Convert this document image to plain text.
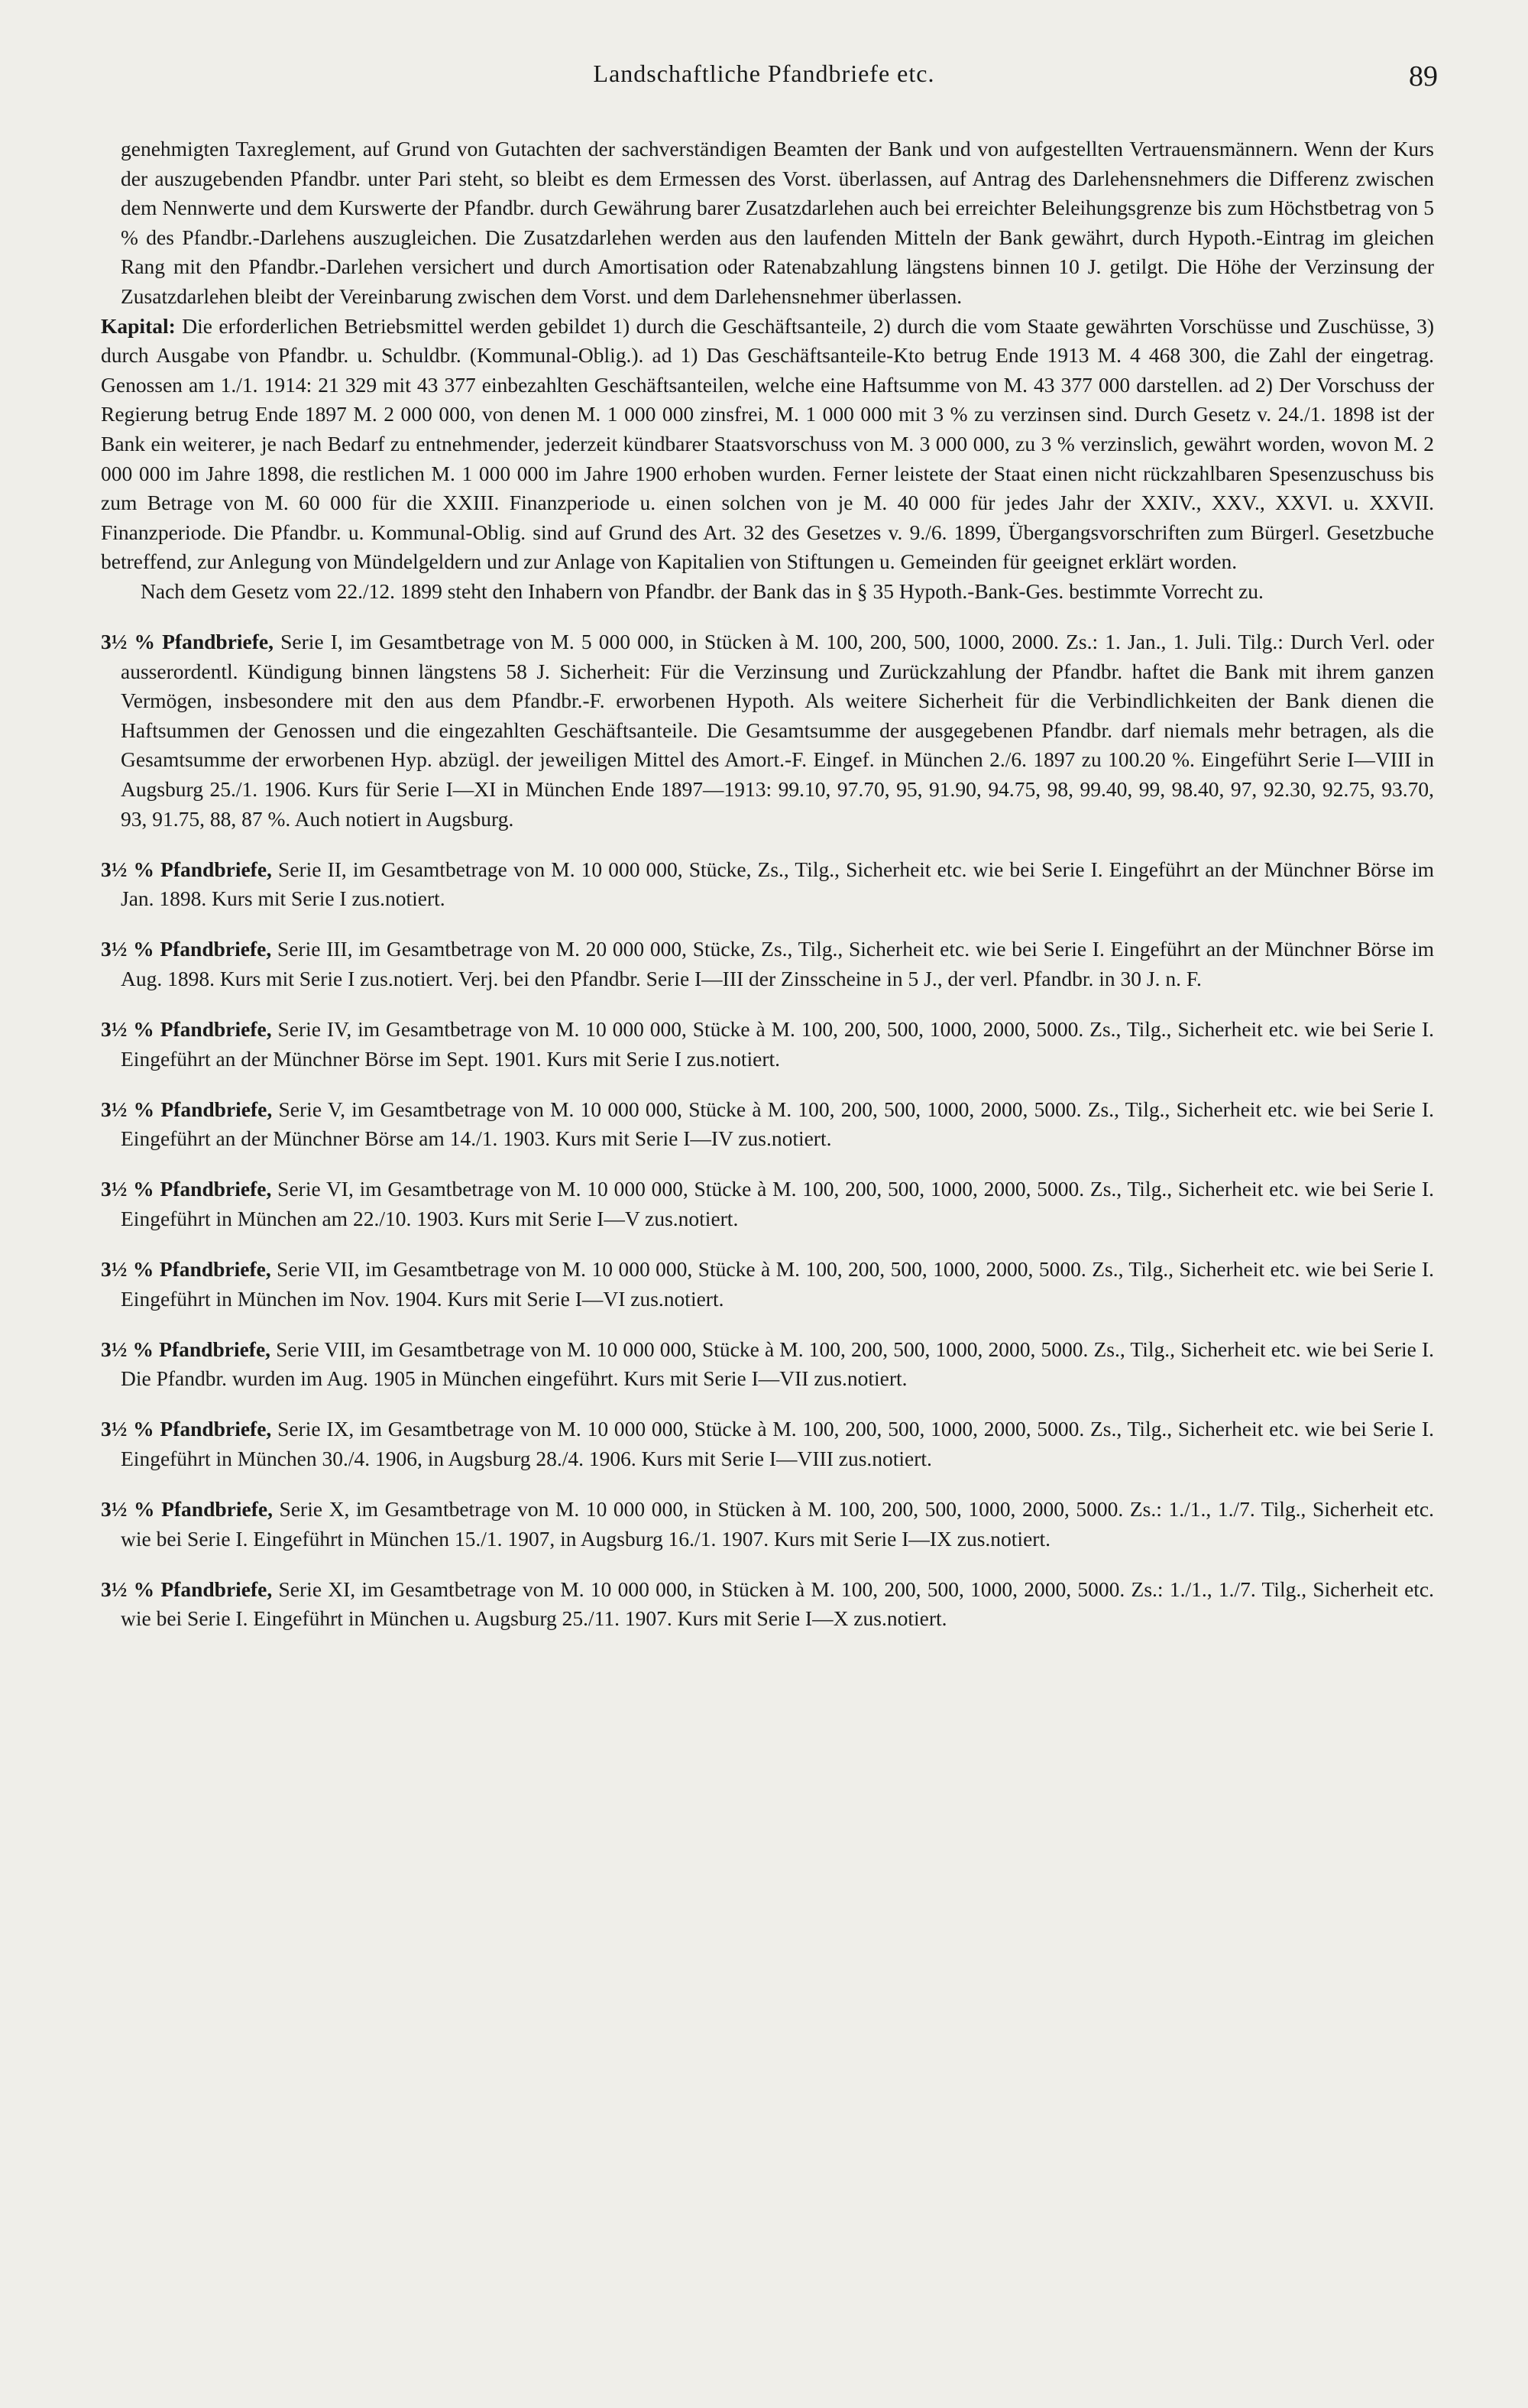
Landschaftliche Pfandbriefe etc.	89

genehmigten Taxreglement, auf Grund von Gutachten der sachverständigen Beamten der Bank und von aufgestellten Vertrauensmännern. Wenn der Kurs der auszugebenden Pfandbr. unter Pari steht, so bleibt es dem Ermessen des Vorst. überlassen, auf Antrag des Darlehensnehmers die Differenz zwischen dem Nennwerte und dem Kurswerte der Pfandbr. durch Gewährung barer Zusatzdarlehen auch bei erreichter Beleihungsgrenze bis zum Höchstbetrag von 5 % des Pfandbr.-Darlehens auszugleichen. Die Zusatzdarlehen werden aus den laufenden Mitteln der Bank gewährt, durch Hypoth.-Eintrag im gleichen Rang mit den Pfandbr.-Darlehen versichert und durch Amortisation oder Ratenabzahlung längstens binnen 10 J. getilgt. Die Höhe der Verzinsung der Zusatzdarlehen bleibt der Vereinbarung zwischen dem Vorst. und dem Darlehensnehmer überlassen.

Kapital: Die erforderlichen Betriebsmittel werden gebildet 1) durch die Geschäftsanteile, 2) durch die vom Staate gewährten Vorschüsse und Zuschüsse, 3) durch Ausgabe von Pfandbr. u. Schuldbr. (Kommunal-Oblig.). ad 1) Das Geschäftsanteile-Kto betrug Ende 1913 M. 4 468 300, die Zahl der eingetrag. Genossen am 1./1. 1914: 21 329 mit 43 377 einbezahlten Geschäftsanteilen, welche eine Haftsumme von M. 43 377 000 darstellen. ad 2) Der Vorschuss der Regierung betrug Ende 1897 M. 2 000 000, von denen M. 1 000 000 zinsfrei, M. 1 000 000 mit 3 % zu verzinsen sind. Durch Gesetz v. 24./1. 1898 ist der Bank ein weiterer, je nach Bedarf zu entnehmender, jederzeit kündbarer Staatsvorschuss von M. 3 000 000, zu 3 % verzinslich, gewährt worden, wovon M. 2 000 000 im Jahre 1898, die restlichen M. 1 000 000 im Jahre 1900 erhoben wurden. Ferner leistete der Staat einen nicht rückzahlbaren Spesenzuschuss bis zum Betrage von M. 60 000 für die XXIII. Finanzperiode u. einen solchen von je M. 40 000 für jedes Jahr der XXIV., XXV., XXVI. u. XXVII. Finanzperiode. Die Pfandbr. u. Kommunal-Oblig. sind auf Grund des Art. 32 des Gesetzes v. 9./6. 1899, Übergangsvorschriften zum Bürgerl. Gesetzbuche betreffend, zur Anlegung von Mündelgeldern und zur Anlage von Kapitalien von Stiftungen u. Gemeinden für geeignet erklärt worden.

Nach dem Gesetz vom 22./12. 1899 steht den Inhabern von Pfandbr. der Bank das in § 35 Hypoth.-Bank-Ges. bestimmte Vorrecht zu.

3½ % Pfandbriefe, Serie I, im Gesamtbetrage von M. 5 000 000, in Stücken à M. 100, 200, 500, 1000, 2000. Zs.: 1. Jan., 1. Juli. Tilg.: Durch Verl. oder ausserordentl. Kündigung binnen längstens 58 J. Sicherheit: Für die Verzinsung und Zurückzahlung der Pfandbr. haftet die Bank mit ihrem ganzen Vermögen, insbesondere mit den aus dem Pfandbr.-F. erworbenen Hypoth. Als weitere Sicherheit für die Verbindlichkeiten der Bank dienen die Haftsummen der Genossen und die eingezahlten Geschäftsanteile. Die Gesamtsumme der ausgegebenen Pfandbr. darf niemals mehr betragen, als die Gesamtsumme der erworbenen Hyp. abzügl. der jeweiligen Mittel des Amort.-F. Eingef. in München 2./6. 1897 zu 100.20 %. Eingeführt Serie I—VIII in Augsburg 25./1. 1906. Kurs für Serie I—XI in München Ende 1897—1913: 99.10, 97.70, 95, 91.90, 94.75, 98, 99.40, 99, 98.40, 97, 92.30, 92.75, 93.70, 93, 91.75, 88, 87 %. Auch notiert in Augsburg.

3½ % Pfandbriefe, Serie II, im Gesamtbetrage von M. 10 000 000, Stücke, Zs., Tilg., Sicherheit etc. wie bei Serie I. Eingeführt an der Münchner Börse im Jan. 1898. Kurs mit Serie I zus.notiert.

3½ % Pfandbriefe, Serie III, im Gesamtbetrage von M. 20 000 000, Stücke, Zs., Tilg., Sicherheit etc. wie bei Serie I. Eingeführt an der Münchner Börse im Aug. 1898. Kurs mit Serie I zus.notiert. Verj. bei den Pfandbr. Serie I—III der Zinsscheine in 5 J., der verl. Pfandbr. in 30 J. n. F.

3½ % Pfandbriefe, Serie IV, im Gesamtbetrage von M. 10 000 000, Stücke à M. 100, 200, 500, 1000, 2000, 5000. Zs., Tilg., Sicherheit etc. wie bei Serie I. Eingeführt an der Münchner Börse im Sept. 1901. Kurs mit Serie I zus.notiert.

3½ % Pfandbriefe, Serie V, im Gesamtbetrage von M. 10 000 000, Stücke à M. 100, 200, 500, 1000, 2000, 5000. Zs., Tilg., Sicherheit etc. wie bei Serie I. Eingeführt an der Münchner Börse am 14./1. 1903. Kurs mit Serie I—IV zus.notiert.

3½ % Pfandbriefe, Serie VI, im Gesamtbetrage von M. 10 000 000, Stücke à M. 100, 200, 500, 1000, 2000, 5000. Zs., Tilg., Sicherheit etc. wie bei Serie I. Eingeführt in München am 22./10. 1903. Kurs mit Serie I—V zus.notiert.

3½ % Pfandbriefe, Serie VII, im Gesamtbetrage von M. 10 000 000, Stücke à M. 100, 200, 500, 1000, 2000, 5000. Zs., Tilg., Sicherheit etc. wie bei Serie I. Eingeführt in München im Nov. 1904. Kurs mit Serie I—VI zus.notiert.

3½ % Pfandbriefe, Serie VIII, im Gesamtbetrage von M. 10 000 000, Stücke à M. 100, 200, 500, 1000, 2000, 5000. Zs., Tilg., Sicherheit etc. wie bei Serie I. Die Pfandbr. wurden im Aug. 1905 in München eingeführt. Kurs mit Serie I—VII zus.notiert.

3½ % Pfandbriefe, Serie IX, im Gesamtbetrage von M. 10 000 000, Stücke à M. 100, 200, 500, 1000, 2000, 5000. Zs., Tilg., Sicherheit etc. wie bei Serie I. Eingeführt in München 30./4. 1906, in Augsburg 28./4. 1906. Kurs mit Serie I—VIII zus.notiert.

3½ % Pfandbriefe, Serie X, im Gesamtbetrage von M. 10 000 000, in Stücken à M. 100, 200, 500, 1000, 2000, 5000. Zs.: 1./1., 1./7. Tilg., Sicherheit etc. wie bei Serie I. Eingeführt in München 15./1. 1907, in Augsburg 16./1. 1907. Kurs mit Serie I—IX zus.notiert.

3½ % Pfandbriefe, Serie XI, im Gesamtbetrage von M. 10 000 000, in Stücken à M. 100, 200, 500, 1000, 2000, 5000. Zs.: 1./1., 1./7. Tilg., Sicherheit etc. wie bei Serie I. Eingeführt in München u. Augsburg 25./11. 1907. Kurs mit Serie I—X zus.notiert.
